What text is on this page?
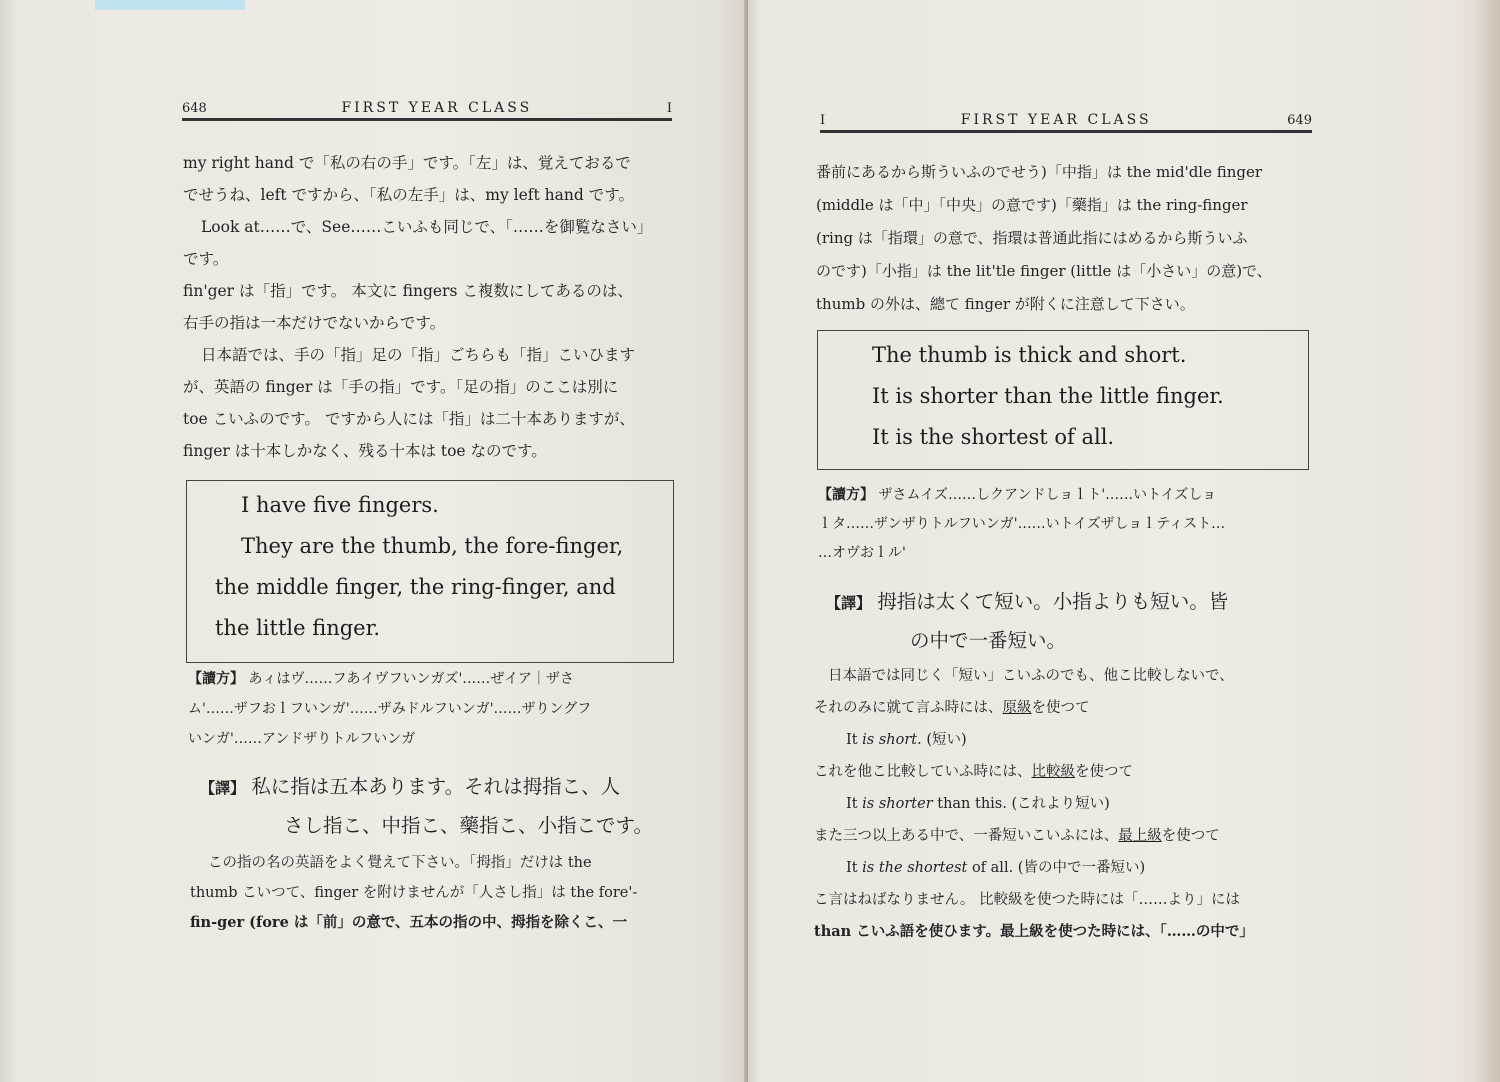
648	FIRST YEAR CLASS	I

my right hand で「私の右の手」です。「左」は、覚えておるで

でせうね、left ですから、「私の左手」は、my left hand です。

Look at……で、See……こいふも同じで、「……を御覧なさい」

です。

fin'ger は「指」です。 本文に fingers こ複数にしてあるのは、

右手の指は一本だけでないからです。

日本語では、手の「指」足の「指」ごちらも「指」こいひます

が、英語の finger は「手の指」です。「足の指」のここは別に

toe こいふのです。 ですから人には「指」は二十本ありますが、

finger は十本しかなく、残る十本は toe なのです。

I have five fingers.

They are the thumb, the fore-finger,

the middle finger, the ring-finger, and

the little finger.

【讀方】 あィはヴ……フあイヴフいンガズ'……ぜイア｜ザさ

ム'……ザフおｌフいンガ'……ザみドルフいンガ'……ザりングフ

いンガ'……アンドザりトルフいンガ

【譯】 私に指は五本あります。それは拇指こ、人

さし指こ、中指こ、藥指こ、小指こです。

この指の名の英語をよく覺えて下さい。「拇指」だけは the

thumb こいつて、finger を附けませんが「人さし指」は the fore'-

fin-ger (fore は「前」の意で、五本の指の中、拇指を除くこ、一

I	FIRST YEAR CLASS	649

番前にあるから斯ういふのでせう)「中指」は the mid'dle finger

(middle は「中」「中央」の意です)「藥指」は the ring-finger

(ring は「指環」の意で、指環は普通此指にはめるから斯ういふ

のです)「小指」は the lit'tle finger (little は「小さい」の意)で、

thumb の外は、總て finger が附くに注意して下さい。

The thumb is thick and short.

It is shorter than the little finger.

It is the shortest of all.

【讀方】 ザさムイズ……しクアンドしョｌト'……いトイズしョ

ｌタ……ザンザりトルフいンガ'……いトイズザしョｌティスト…

…オヴおｌル'

【譯】 拇指は太くて短い。小指よりも短い。皆

の中で一番短い。

日本語では同じく「短い」こいふのでも、他こ比較しないで、

それのみに就て言ふ時には、原級を使つて

It is short. (短い)

これを他こ比較していふ時には、比較級を使つて

It is shorter than this. (これより短い)

また三つ以上ある中で、一番短いこいふには、最上級を使つて

It is the shortest of all. (皆の中で一番短い)

こ言はねばなりません。 比較級を使つた時には「……より」には

than こいふ語を使ひます。最上級を使つた時には、「……の中で」
